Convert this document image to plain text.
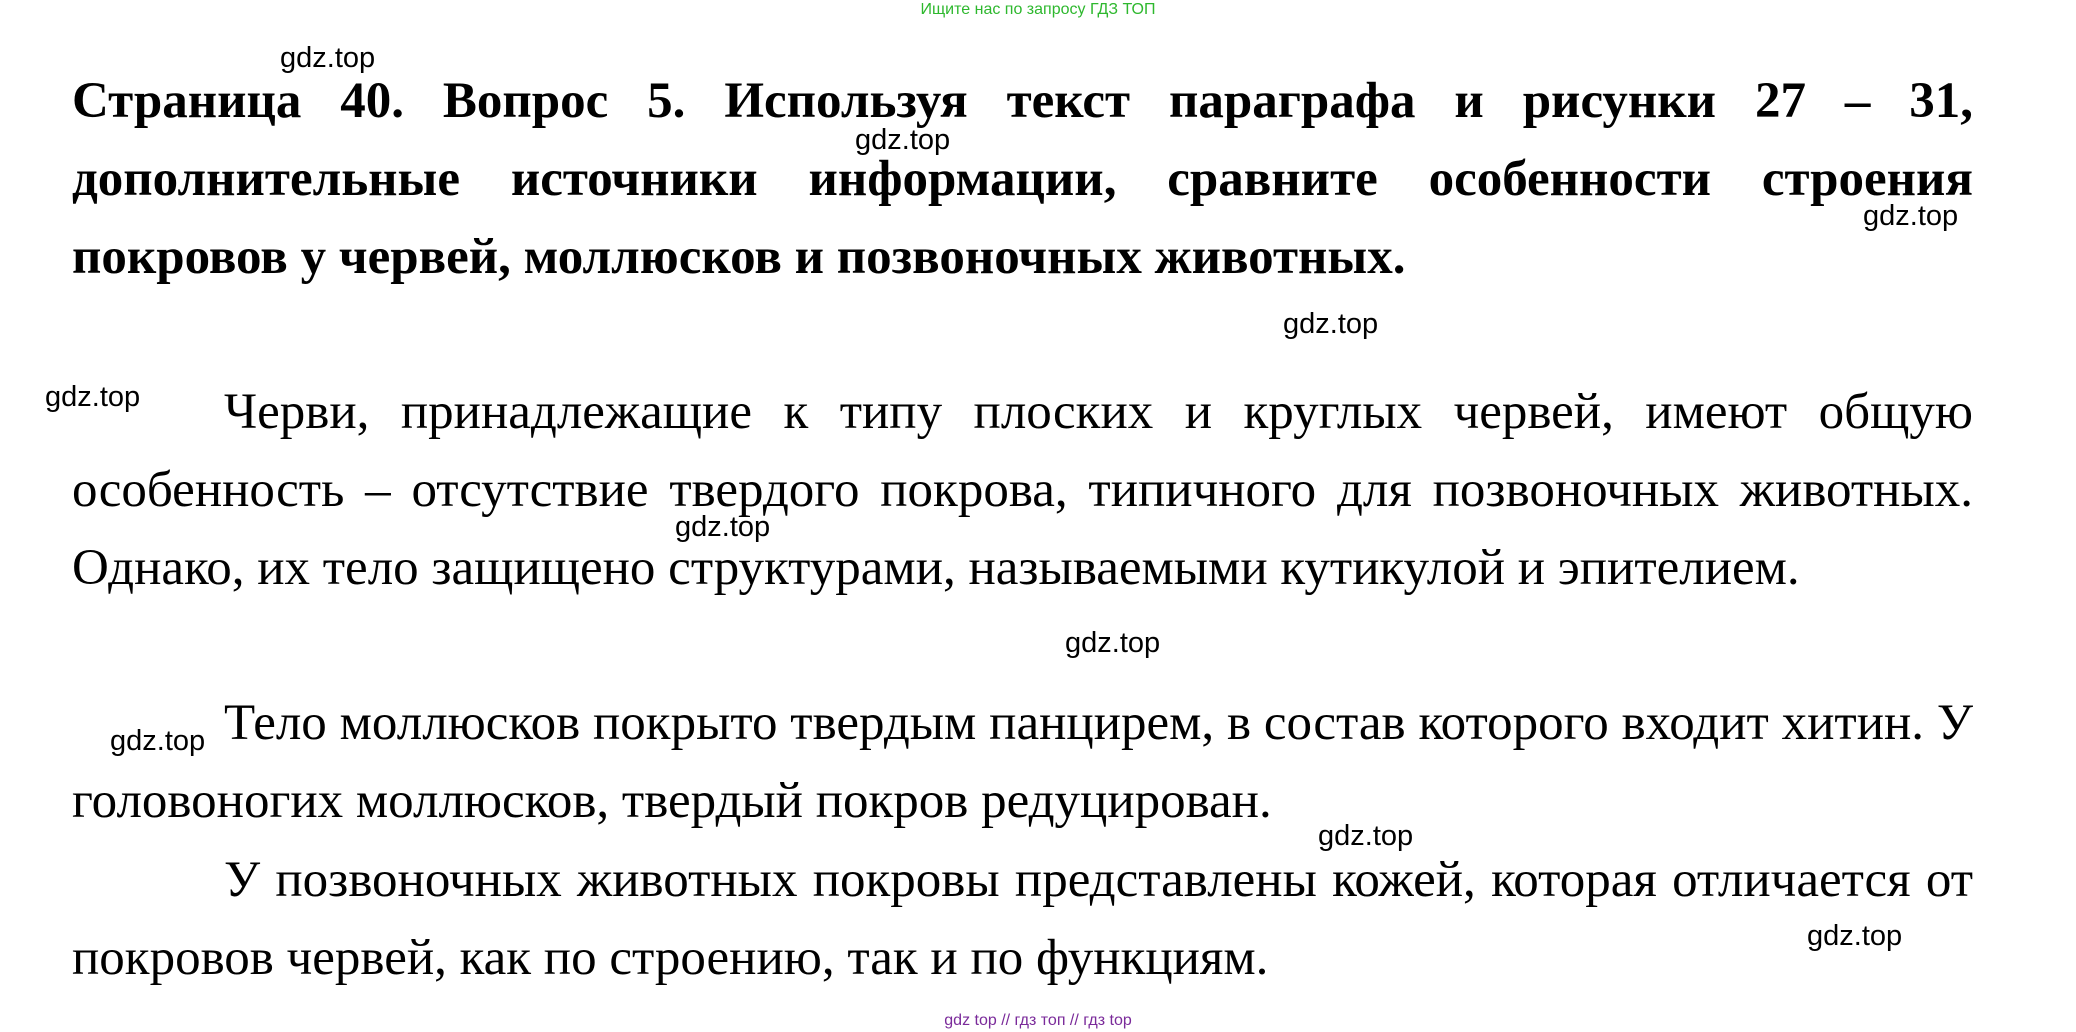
Ищите нас по запросу ГДЗ ТОП
Страница 40. Вопрос 5. Используя текст параграфа и рисунки 27 – 31, дополнительные источники информации, сравните особенности строения покровов у червей, моллюсков и позвоночных животных.
Черви, принадлежащие к типу плоских и круглых червей, имеют общую особенность – отсутствие твердого покрова, типичного для позвоночных животных. Однако, их тело защищено структурами, называемыми кутикулой и эпителием.
Тело моллюсков покрыто твердым панцирем, в состав которого входит хитин. У головоногих моллюсков, твердый покров редуцирован.
У позвоночных животных покровы представлены кожей, которая отличается от покровов червей, как по строению, так и по функциям.
gdz.top
gdz.top
gdz.top
gdz.top
gdz.top
gdz.top
gdz.top
gdz.top
gdz.top
gdz.top
gdz top // гдз топ // гдз top
